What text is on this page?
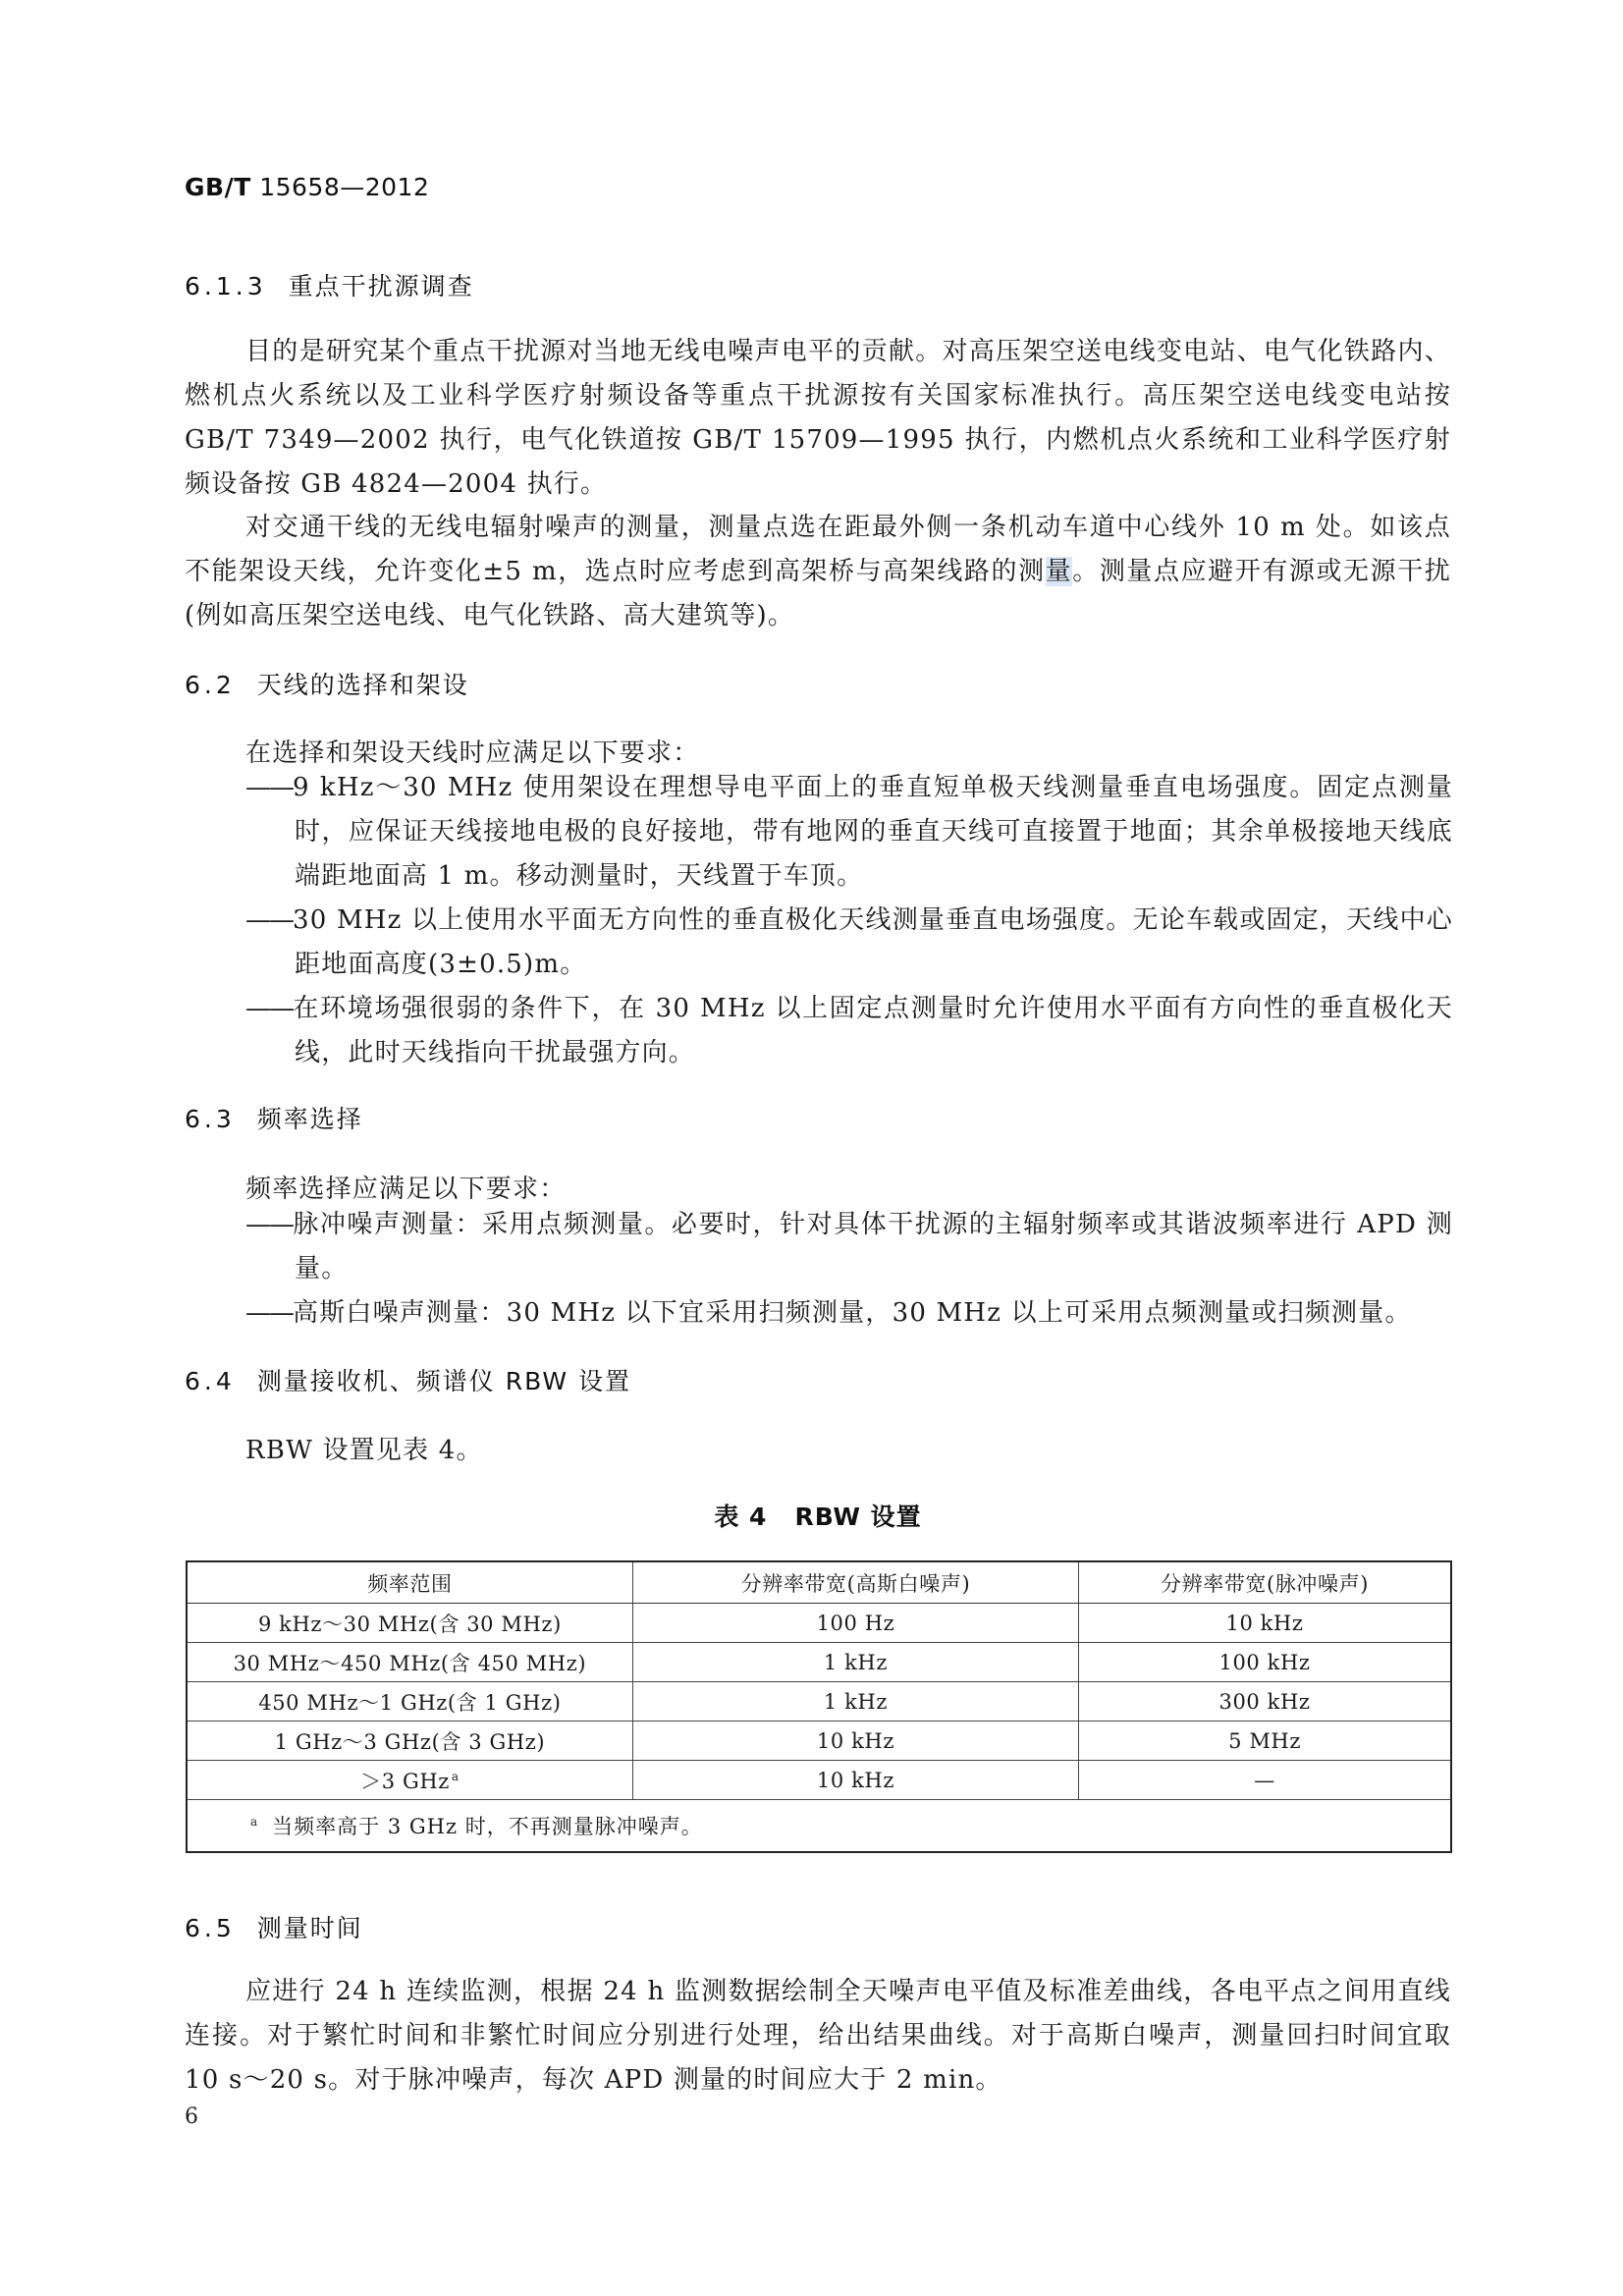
GB/T 15658—2012
6.1.3 重点干扰源调查
目的是研究某个重点干扰源对当地无线电噪声电平的贡献。对高压架空送电线变电站、电气化铁路内、燃机点火系统以及工业科学医疗射频设备等重点干扰源按有关国家标准执行。高压架空送电线变电站按 GB/T 7349—2002 执行，电气化铁道按 GB/T 15709—1995 执行，内燃机点火系统和工业科学医疗射频设备按 GB 4824—2004 执行。
对交通干线的无线电辐射噪声的测量，测量点选在距最外侧一条机动车道中心线外 10 m 处。如该点不能架设天线，允许变化±5 m，选点时应考虑到高架桥与高架线路的测量。测量点应避开有源或无源干扰(例如高压架空送电线、电气化铁路、高大建筑等)。
6.2 天线的选择和架设
在选择和架设天线时应满足以下要求：
——9 kHz～30 MHz 使用架设在理想导电平面上的垂直短单极天线测量垂直电场强度。固定点测量时，应保证天线接地电极的良好接地，带有地网的垂直天线可直接置于地面；其余单极接地天线底端距地面高 1 m。移动测量时，天线置于车顶。
——30 MHz 以上使用水平面无方向性的垂直极化天线测量垂直电场强度。无论车载或固定，天线中心距地面高度(3±0.5)m。
——在环境场强很弱的条件下，在 30 MHz 以上固定点测量时允许使用水平面有方向性的垂直极化天线，此时天线指向干扰最强方向。
6.3 频率选择
频率选择应满足以下要求：
——脉冲噪声测量：采用点频测量。必要时，针对具体干扰源的主辐射频率或其谐波频率进行 APD 测量。
——高斯白噪声测量：30 MHz 以下宜采用扫频测量，30 MHz 以上可采用点频测量或扫频测量。
6.4 测量接收机、频谱仪 RBW 设置
RBW 设置见表 4。
表 4 RBW 设置
频率范围	分辨率带宽(高斯白噪声)	分辨率带宽(脉冲噪声)
9 kHz～30 MHz(含 30 MHz)	100 Hz	10 kHz
30 MHz～450 MHz(含 450 MHz)	1 kHz	100 kHz
450 MHz～1 GHz(含 1 GHz)	1 kHz	300 kHz
1 GHz～3 GHz(含 3 GHz)	10 kHz	5 MHz
＞3 GHz $^a$	10 kHz	—
$^a$ 当频率高于 3 GHz 时，不再测量脉冲噪声。		
6.5 测量时间
应进行 24 h 连续监测，根据 24 h 监测数据绘制全天噪声电平值及标准差曲线，各电平点之间用直线连接。对于繁忙时间和非繁忙时间应分别进行处理，给出结果曲线。对于高斯白噪声，测量回扫时间宜取 10 s～20 s。对于脉冲噪声，每次 APD 测量的时间应大于 2 min。
6
